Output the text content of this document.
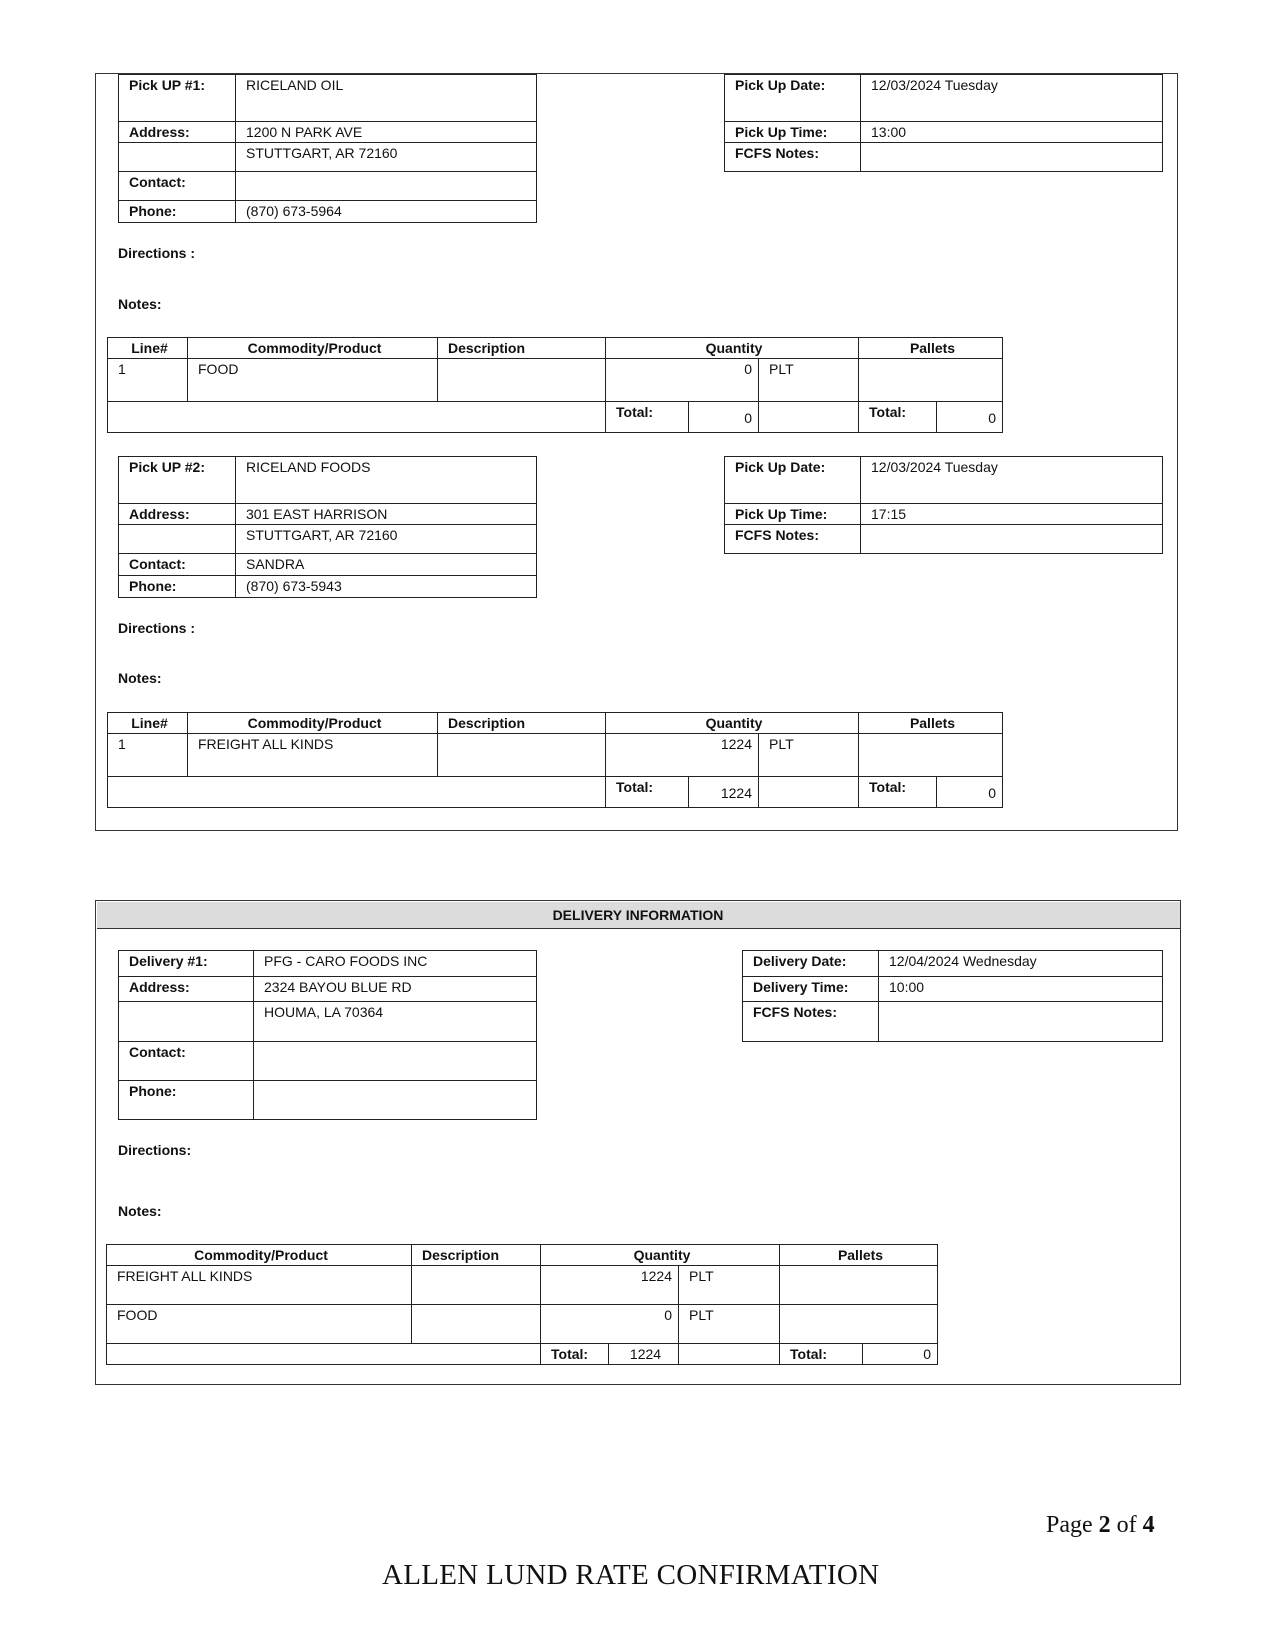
Pick UP #1:	RICELAND OIL
Address:	1200 N PARK AVE
	STUTTGART, AR 72160
Contact:	
Phone:	(870) 673-5964
Pick Up Date:	12/03/2024 Tuesday
Pick Up Time:	13:00
FCFS Notes:	
Directions :
Notes:
Line#	Commodity/Product	Description	Quantity			Pallets	
1	FOOD		0		PLT		
			Total:	0		Total:	0
Pick UP #2:	RICELAND FOODS
Address:	301 EAST HARRISON
	STUTTGART, AR 72160
Contact:	SANDRA
Phone:	(870) 673-5943
Pick Up Date:	12/03/2024 Tuesday
Pick Up Time:	17:15
FCFS Notes:	
Directions :
Notes:
Line#	Commodity/Product	Description	Quantity			Pallets	
1	FREIGHT ALL KINDS		1224		PLT		
			Total:	1224		Total:	0
DELIVERY INFORMATION
Delivery #1:	PFG - CARO FOODS INC
Address:	2324 BAYOU BLUE RD
	HOUMA, LA 70364
Contact:	
Phone:	
Delivery Date:	12/04/2024 Wednesday
Delivery Time:	10:00
FCFS Notes:	
Directions:
Notes:
Commodity/Product	Description	Quantity			Pallets	
FREIGHT ALL KINDS		1224		PLT		
FOOD		0		PLT		
		Total:	1224		Total:	0
Page 2 of 4
ALLEN LUND RATE CONFIRMATION
